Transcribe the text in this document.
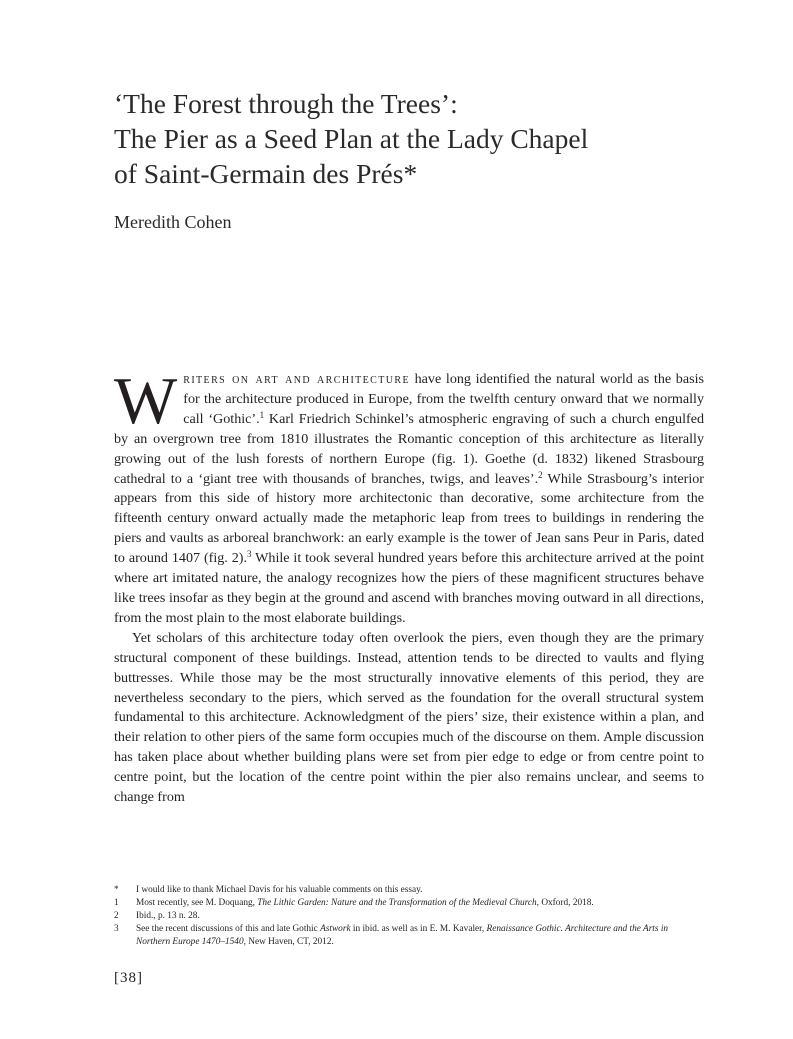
‘The Forest through the Trees’:
The Pier as a Seed Plan at the Lady Chapel
of Saint-Germain des Prés*
Meredith Cohen

Writers on art and architecture have long identified the natural world as the basis for the architecture produced in Europe, from the twelfth century onward that we normally call ‘Gothic’.$^1$ Karl Friedrich Schinkel’s atmospheric engraving of such a church engulfed by an overgrown tree from 1810 illustrates the Romantic conception of this architecture as literally growing out of the lush forests of northern Europe (fig. 1). Goethe (d. 1832) likened Strasbourg cathedral to a ‘giant tree with thousands of branches, twigs, and leaves’.$^2$ While Strasbourg’s interior appears from this side of history more architectonic than decorative, some architecture from the fifteenth century onward actually made the metaphoric leap from trees to buildings in rendering the piers and vaults as arboreal branchwork: an early example is the tower of Jean sans Peur in Paris, dated to around 1407 (fig. 2).$^3$ While it took several hundred years before this architecture arrived at the point where art imitated nature, the analogy recognizes how the piers of these magnificent structures behave like trees insofar as they begin at the ground and ascend with branches moving outward in all directions, from the most plain to the most elaborate buildings.

Yet scholars of this architecture today often overlook the piers, even though they are the primary structural component of these buildings. Instead, attention tends to be directed to vaults and flying buttresses. While those may be the most structurally innovative elements of this period, they are nevertheless secondary to the piers, which served as the foundation for the overall structural system fundamental to this architecture. Acknowledgment of the piers’ size, their existence within a plan, and their relation to other piers of the same form occupies much of the discourse on them. Ample discussion has taken place about whether building plans were set from pier edge to edge or from centre point to centre point, but the location of the centre point within the pier also remains unclear, and seems to change from

*	I would like to thank Michael Davis for his valuable comments on this essay.
1	Most recently, see M. Doquang, The Lithic Garden: Nature and the Transformation of the Medieval Church, Oxford, 2018.
2	Ibid., p. 13 n. 28.
3	See the recent discussions of this and late Gothic Astwork in ibid. as well as in E. M. Kavaler, Renaissance Gothic. Architecture and the Arts in Northern Europe 1470–1540, New Haven, CT, 2012.
[38]
